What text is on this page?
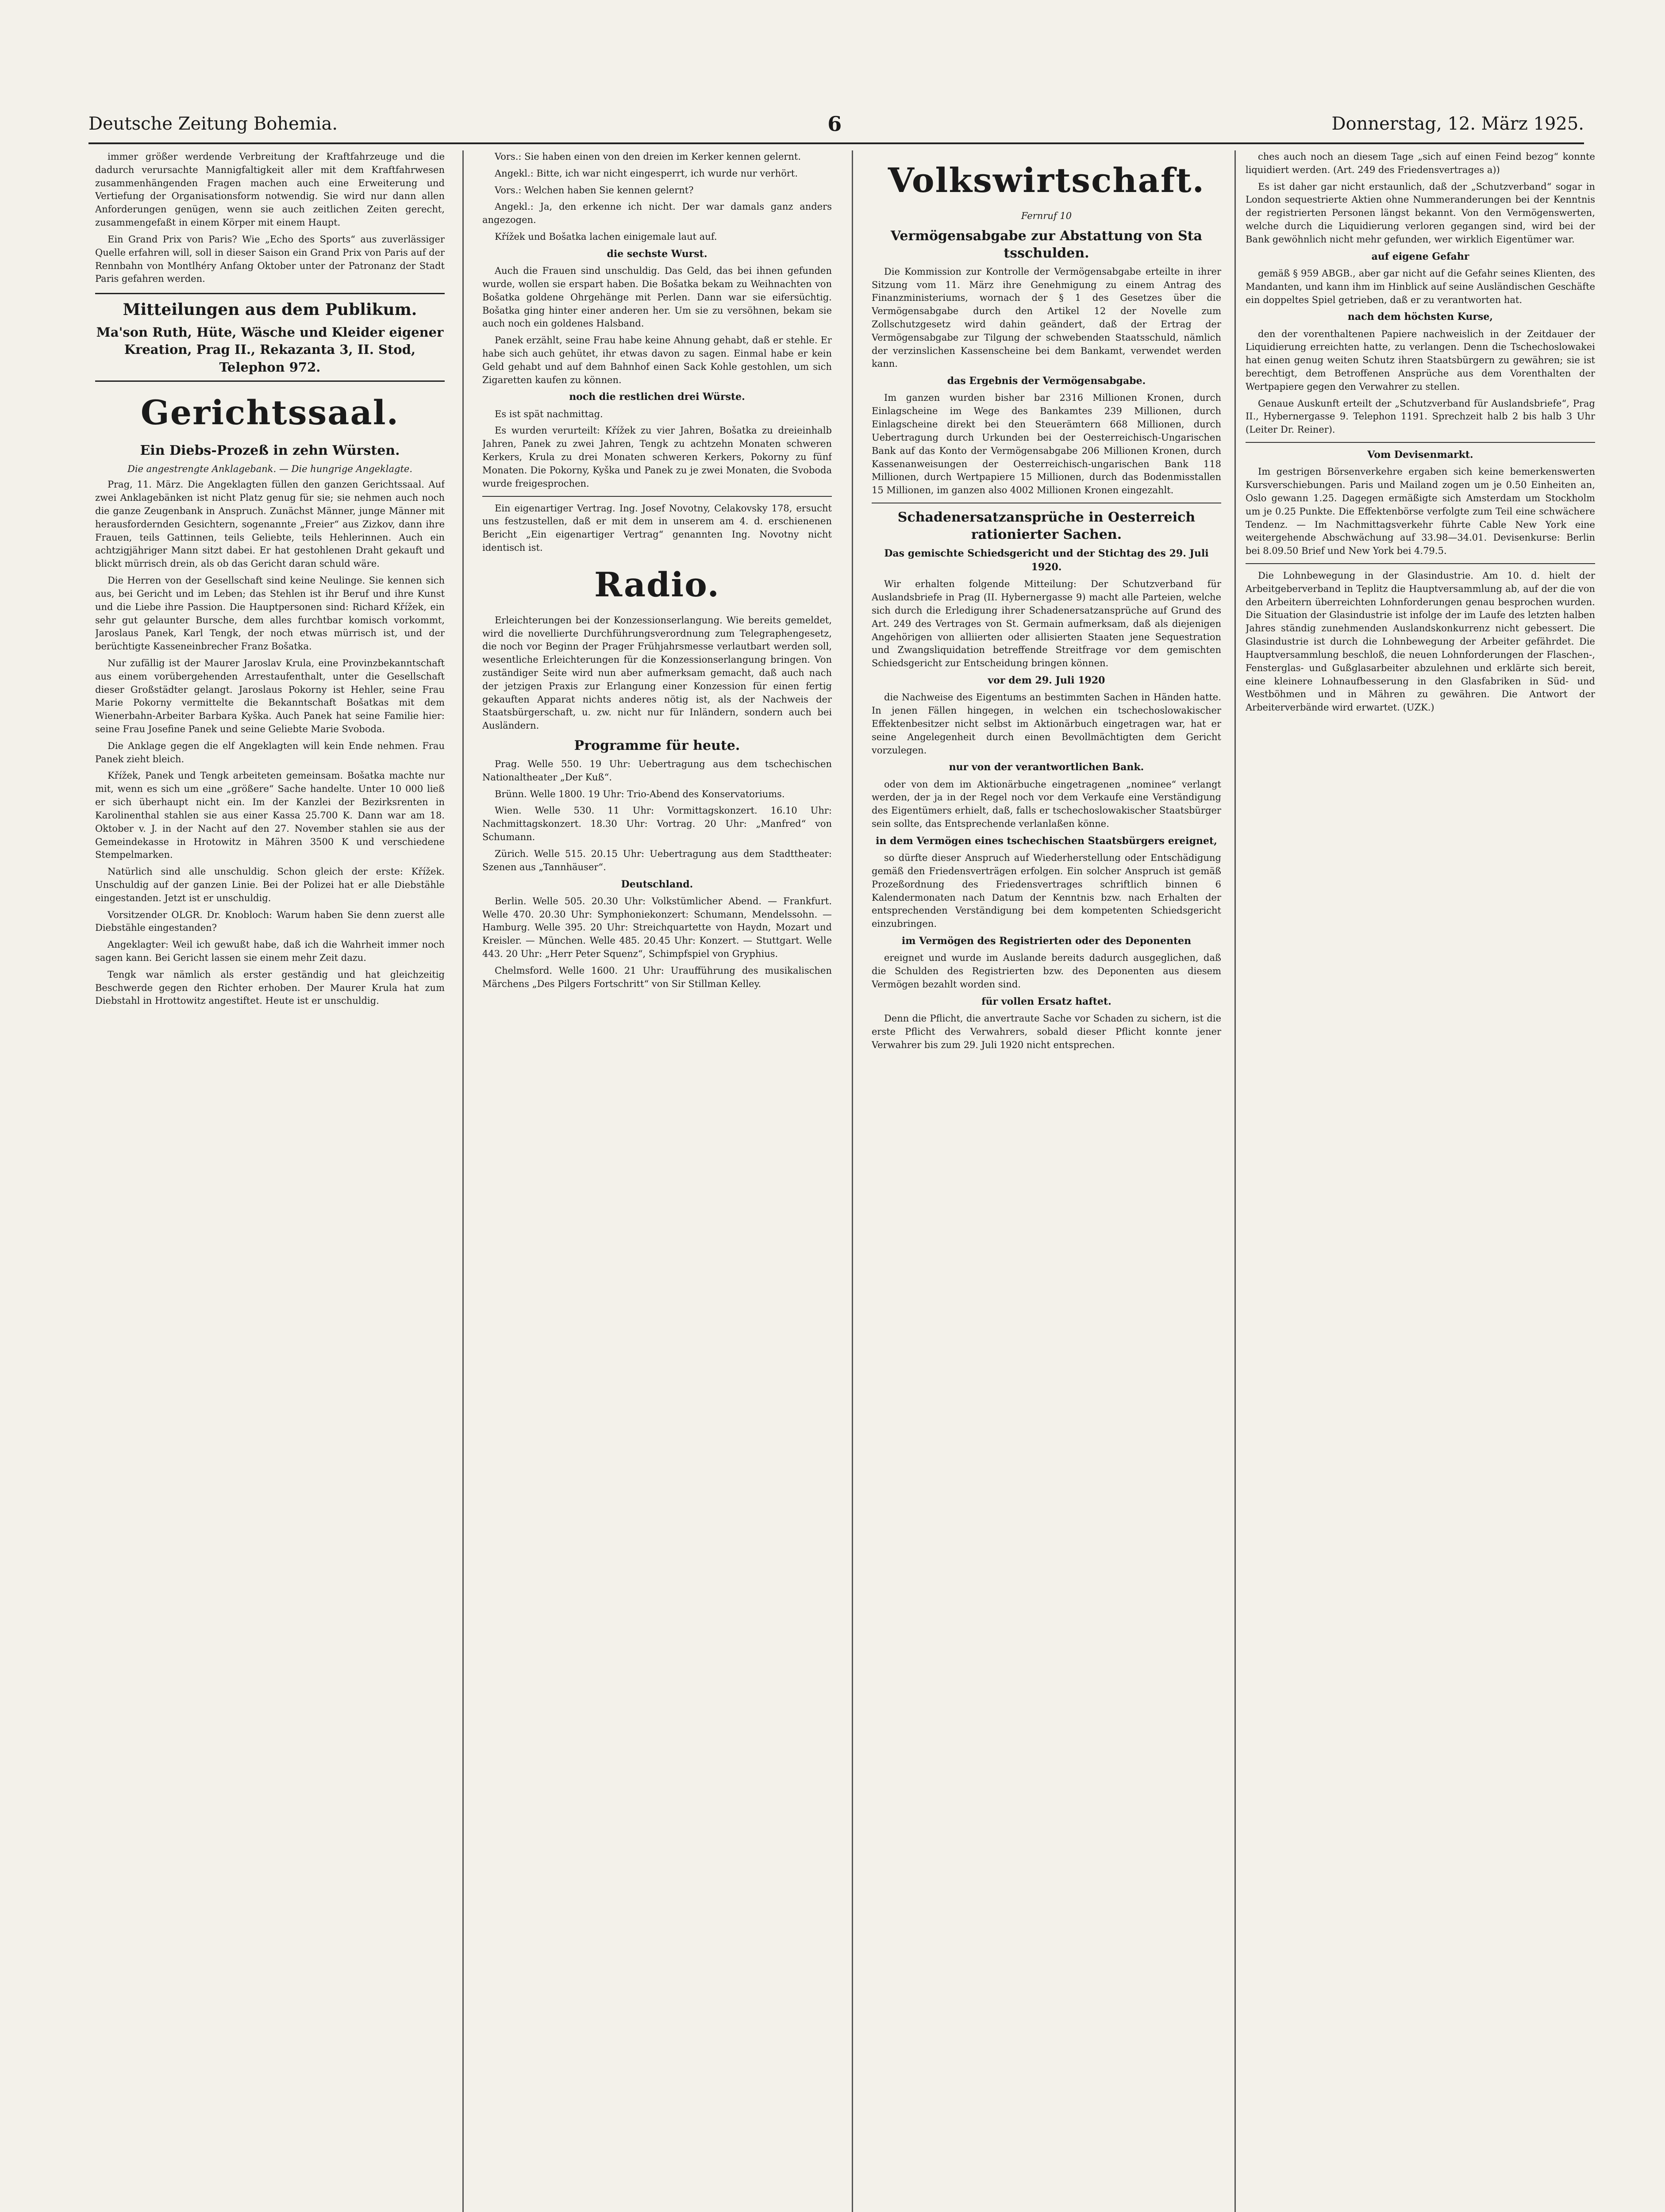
Deutsche Zeitung Bohemia.	6	Donnerstag, 12. März 1925.

immer größer werdende Verbreitung der Kraftfahrzeuge und die dadurch verursachte Mannigfaltigkeit aller mit dem Kraftfahrwesen zusammenhängenden Fragen machen auch eine Erweiterung und Vertiefung der Organisationsform notwendig. Sie wird nur dann allen Anforderungen genügen, wenn sie auch zeitlichen Zeiten gerecht, zusammengefaßt in einem Körper mit einem Haupt.

Ein Grand Prix von Paris? Wie „Echo des Sports“ aus zuverlässiger Quelle erfahren will, soll in dieser Saison ein Grand Prix von Paris auf der Rennbahn von Montlhéry Anfang Oktober unter der Patronanz der Stadt Paris gefahren werden.

Mitteilungen aus dem Publikum.
Ma'son Ruth, Hüte, Wäsche und Kleider eigener Kreation, Prag II., Rekazanta 3, II. Stod, Telephon 972.
Gerichtssaal.
Ein Diebs-Prozeß in zehn Würsten.
Die angestrengte Anklagebank. — Die hungrige Angeklagte.

Prag, 11. März. Die Angeklagten füllen den ganzen Gerichtssaal. Auf zwei Anklagebänken ist nicht Platz genug für sie; sie nehmen auch noch die ganze Zeugenbank in Anspruch. Zunächst Männer, junge Männer mit herausfordernden Gesichtern, sogenannte „Freier“ aus Zizkov, dann ihre Frauen, teils Gattinnen, teils Geliebte, teils Hehlerinnen. Auch ein achtzigjähriger Mann sitzt dabei. Er hat gestohlenen Draht gekauft und blickt mürrisch drein, als ob das Gericht daran schuld wäre.

Die Herren von der Gesellschaft sind keine Neulinge. Sie kennen sich aus, bei Gericht und im Leben; das Stehlen ist ihr Beruf und ihre Kunst und die Liebe ihre Passion. Die Hauptpersonen sind: Richard Křížek, ein sehr gut gelaunter Bursche, dem alles furchtbar komisch vorkommt, Jaroslaus Panek, Karl Tengk, der noch etwas mürrisch ist, und der berüchtigte Kasseneinbrecher Franz Bošatka.

Nur zufällig ist der Maurer Jaroslav Krula, eine Provinzbekanntschaft aus einem vorübergehenden Arrestaufenthalt, unter die Gesellschaft dieser Großstädter gelangt. Jaroslaus Pokorny ist Hehler, seine Frau Marie Pokorny vermittelte die Bekanntschaft Bošatkas mit dem Wienerbahn-Arbeiter Barbara Kyška. Auch Panek hat seine Familie hier: seine Frau Josefine Panek und seine Geliebte Marie Svoboda.

Die Anklage gegen die elf Angeklagten will kein Ende nehmen. Frau Panek zieht bleich.

Křížek, Panek und Tengk arbeiteten gemeinsam. Bošatka machte nur mit, wenn es sich um eine „größere“ Sache handelte. Unter 10 000 ließ er sich überhaupt nicht ein. Im der Kanzlei der Bezirksrenten in Karolinenthal stahlen sie aus einer Kassa 25.700 K. Dann war am 18. Oktober v. J. in der Nacht auf den 27. November stahlen sie aus der Gemeindekasse in Hrotowitz in Mähren 3500 K und verschiedene Stempelmarken.

Natürlich sind alle unschuldig. Schon gleich der erste: Křížek. Unschuldig auf der ganzen Linie. Bei der Polizei hat er alle Diebstähle eingestanden. Jetzt ist er unschuldig.

Vorsitzender OLGR. Dr. Knobloch: Warum haben Sie denn zuerst alle Diebstähle eingestanden?

Angeklagter: Weil ich gewußt habe, daß ich die Wahrheit immer noch sagen kann. Bei Gericht lassen sie einem mehr Zeit dazu.

Tengk war nämlich als erster geständig und hat gleichzeitig Beschwerde gegen den Richter erhoben. Der Maurer Krula hat zum Diebstahl in Hrottowitz angestiftet. Heute ist er unschuldig.

Vors.: Sie haben einen von den dreien im Kerker kennen gelernt.

Angekl.: Bitte, ich war nicht eingesperrt, ich wurde nur verhört.

Vors.: Welchen haben Sie kennen gelernt?

Angekl.: Ja, den erkenne ich nicht. Der war damals ganz anders angezogen.

Křížek und Bošatka lachen einigemale laut auf.

die sechste Wurst.

Auch die Frauen sind unschuldig. Das Geld, das bei ihnen gefunden wurde, wollen sie erspart haben. Die Bošatka bekam zu Weihnachten von Bošatka goldene Ohrgehänge mit Perlen. Dann war sie eifersüchtig. Bošatka ging hinter einer anderen her. Um sie zu versöhnen, bekam sie auch noch ein goldenes Halsband.

Panek erzählt, seine Frau habe keine Ahnung gehabt, daß er stehle. Er habe sich auch gehütet, ihr etwas davon zu sagen. Einmal habe er kein Geld gehabt und auf dem Bahnhof einen Sack Kohle gestohlen, um sich Zigaretten kaufen zu können.

noch die restlichen drei Würste.

Es ist spät nachmittag.

Es wurden verurteilt: Křížek zu vier Jahren, Bošatka zu dreieinhalb Jahren, Panek zu zwei Jahren, Tengk zu achtzehn Monaten schweren Kerkers, Krula zu drei Monaten schweren Kerkers, Pokorny zu fünf Monaten. Die Pokorny, Kyška und Panek zu je zwei Monaten, die Svoboda wurde freigesprochen.

Ein eigenartiger Vertrag. Ing. Josef Novotny, Celakovsky 178, ersucht uns festzustellen, daß er mit dem in unserem am 4. d. erschienenen Bericht „Ein eigenartiger Vertrag“ genannten Ing. Novotny nicht identisch ist.

Radio.

Erleichterungen bei der Konzessionserlangung. Wie bereits gemeldet, wird die novellierte Durchführungsverordnung zum Telegraphengesetz, die noch vor Beginn der Prager Frühjahrsmesse verlautbart werden soll, wesentliche Erleichterungen für die Konzessionserlangung bringen. Von zuständiger Seite wird nun aber aufmerksam gemacht, daß auch nach der jetzigen Praxis zur Erlangung einer Konzession für einen fertig gekauften Apparat nichts anderes nötig ist, als der Nachweis der Staatsbürgerschaft, u. zw. nicht nur für Inländern, sondern auch bei Ausländern.

Programme für heute.

Prag. Welle 550. 19 Uhr: Uebertragung aus dem tschechischen Nationaltheater „Der Kuß“.

Brünn. Welle 1800. 19 Uhr: Trio-Abend des Konservatoriums.

Wien. Welle 530. 11 Uhr: Vormittagskonzert. 16.10 Uhr: Nachmittagskonzert. 18.30 Uhr: Vortrag. 20 Uhr: „Manfred“ von Schumann.

Zürich. Welle 515. 20.15 Uhr: Uebertragung aus dem Stadttheater: Szenen aus „Tannhäuser“.

Deutschland.

Berlin. Welle 505. 20.30 Uhr: Volkstümlicher Abend. — Frankfurt. Welle 470. 20.30 Uhr: Symphoniekonzert: Schumann, Mendelssohn. — Hamburg. Welle 395. 20 Uhr: Streichquartette von Haydn, Mozart und Kreisler. — München. Welle 485. 20.45 Uhr: Konzert. — Stuttgart. Welle 443. 20 Uhr: „Herr Peter Squenz“, Schimpfspiel von Gryphius.

Chelmsford. Welle 1600. 21 Uhr: Uraufführung des musikalischen Märchens „Des Pilgers Fortschritt“ von Sir Stillman Kelley.

Volkswirtschaft.
Fernruf 10
Vermögensabgabe zur Abstattung von Sta tsschulden.

Die Kommission zur Kontrolle der Vermögensabgabe erteilte in ihrer Sitzung vom 11. März ihre Genehmigung zu einem Antrag des Finanzministeriums, wornach der § 1 des Gesetzes über die Vermögensabgabe durch den Artikel 12 der Novelle zum Zollschutzgesetz wird dahin geändert, daß der Ertrag der Vermögensabgabe zur Tilgung der schwebenden Staatsschuld, nämlich der verzinslichen Kassenscheine bei dem Bankamt, verwendet werden kann.

das Ergebnis der Vermögensabgabe.

Im ganzen wurden bisher bar 2316 Millionen Kronen, durch Einlagscheine im Wege des Bankamtes 239 Millionen, durch Einlagscheine direkt bei den Steuerämtern 668 Millionen, durch Uebertragung durch Urkunden bei der Oesterreichisch-Ungarischen Bank auf das Konto der Vermögensabgabe 206 Millionen Kronen, durch Kassenanweisungen der Oesterreichisch-ungarischen Bank 118 Millionen, durch Wertpapiere 15 Millionen, durch das Bodenmisstallen 15 Millionen, im ganzen also 4002 Millionen Kronen eingezahlt.

Schadenersatzansprüche in Oesterreich rationierter Sachen.
Das gemischte Schiedsgericht und der Stichtag des 29. Juli 1920.

Wir erhalten folgende Mitteilung: Der Schutzverband für Auslandsbriefe in Prag (II. Hybernergasse 9) macht alle Parteien, welche sich durch die Erledigung ihrer Schadenersatzansprüche auf Grund des Art. 249 des Vertrages von St. Germain aufmerksam, daß als diejenigen Angehörigen von alliierten oder allisierten Staaten jene Sequestration und Zwangsliquidation betreffende Streitfrage vor dem gemischten Schiedsgericht zur Entscheidung bringen können.

vor dem 29. Juli 1920

die Nachweise des Eigentums an bestimmten Sachen in Händen hatte. In jenen Fällen hingegen, in welchen ein tschechoslowakischer Effektenbesitzer nicht selbst im Aktionärbuch eingetragen war, hat er seine Angelegenheit durch einen Bevollmächtigten dem Gericht vorzulegen.

nur von der verantwortlichen Bank.

oder von dem im Aktionärbuche eingetragenen „nominee“ verlangt werden, der ja in der Regel noch vor dem Verkaufe eine Verständigung des Eigentümers erhielt, daß, falls er tschechoslowakischer Staatsbürger sein sollte, das Entsprechende verlanlaßen könne.

in dem Vermögen eines tschechischen Staatsbürgers ereignet,

so dürfte dieser Anspruch auf Wiederherstellung oder Entschädigung gemäß den Friedensverträgen erfolgen. Ein solcher Anspruch ist gemäß Prozeßordnung des Friedensvertrages schriftlich binnen 6 Kalendermonaten nach Datum der Kenntnis bzw. nach Erhalten der entsprechenden Verständigung bei dem kompetenten Schiedsgericht einzubringen.

im Vermögen des Registrierten oder des Deponenten

ereignet und wurde im Auslande bereits dadurch ausgeglichen, daß die Schulden des Registrierten bzw. des Deponenten aus diesem Vermögen bezahlt worden sind.

für vollen Ersatz haftet.

Denn die Pflicht, die anvertraute Sache vor Schaden zu sichern, ist die erste Pflicht des Verwahrers, sobald dieser Pflicht konnte jener Verwahrer bis zum 29. Juli 1920 nicht entsprechen.

ches auch noch an diesem Tage „sich auf einen Feind bezog“ konnte liquidiert werden. (Art. 249 des Friedensvertrages a))

Es ist daher gar nicht erstaunlich, daß der „Schutzverband“ sogar in London sequestrierte Aktien ohne Nummeranderungen bei der Kenntnis der registrierten Personen längst bekannt. Von den Vermögenswerten, welche durch die Liquidierung verloren gegangen sind, wird bei der Bank gewöhnlich nicht mehr gefunden, wer wirklich Eigentümer war.

auf eigene Gefahr

gemäß § 959 ABGB., aber gar nicht auf die Gefahr seines Klienten, des Mandanten, und kann ihm im Hinblick auf seine Ausländischen Geschäfte ein doppeltes Spiel getrieben, daß er zu verantworten hat.

nach dem höchsten Kurse,

den der vorenthaltenen Papiere nachweislich in der Zeitdauer der Liquidierung erreichten hatte, zu verlangen. Denn die Tschechoslowakei hat einen genug weiten Schutz ihren Staatsbürgern zu gewähren; sie ist berechtigt, dem Betroffenen Ansprüche aus dem Vorenthalten der Wertpapiere gegen den Verwahrer zu stellen.

Genaue Auskunft erteilt der „Schutzverband für Auslandsbriefe“, Prag II., Hybernergasse 9. Telephon 1191. Sprechzeit halb 2 bis halb 3 Uhr (Leiter Dr. Reiner).

Vom Devisenmarkt.

Im gestrigen Börsenverkehre ergaben sich keine bemerkenswerten Kursverschiebungen. Paris und Mailand zogen um je 0.50 Einheiten an, Oslo gewann 1.25. Dagegen ermäßigte sich Amsterdam um Stockholm um je 0.25 Punkte. Die Effektenbörse verfolgte zum Teil eine schwächere Tendenz. — Im Nachmittagsverkehr führte Cable New York eine weitergehende Abschwächung auf 33.98—34.01. Devisenkurse: Berlin bei 8.09.50 Brief und New York bei 4.79.5.

Die Lohnbewegung in der Glasindustrie. Am 10. d. hielt der Arbeitgeberverband in Teplitz die Hauptversammlung ab, auf der die von den Arbeitern überreichten Lohnforderungen genau besprochen wurden. Die Situation der Glasindustrie ist infolge der im Laufe des letzten halben Jahres ständig zunehmenden Auslandskonkurrenz nicht gebessert. Die Glasindustrie ist durch die Lohnbewegung der Arbeiter gefährdet. Die Hauptversammlung beschloß, die neuen Lohnforderungen der Flaschen-, Fensterglas- und Gußglasarbeiter abzulehnen und erklärte sich bereit, eine kleinere Lohnaufbesserung in den Glasfabriken in Süd- und Westböhmen und in Mähren zu gewähren. Die Antwort der Arbeiterverbände wird erwartet. (UZK.)
